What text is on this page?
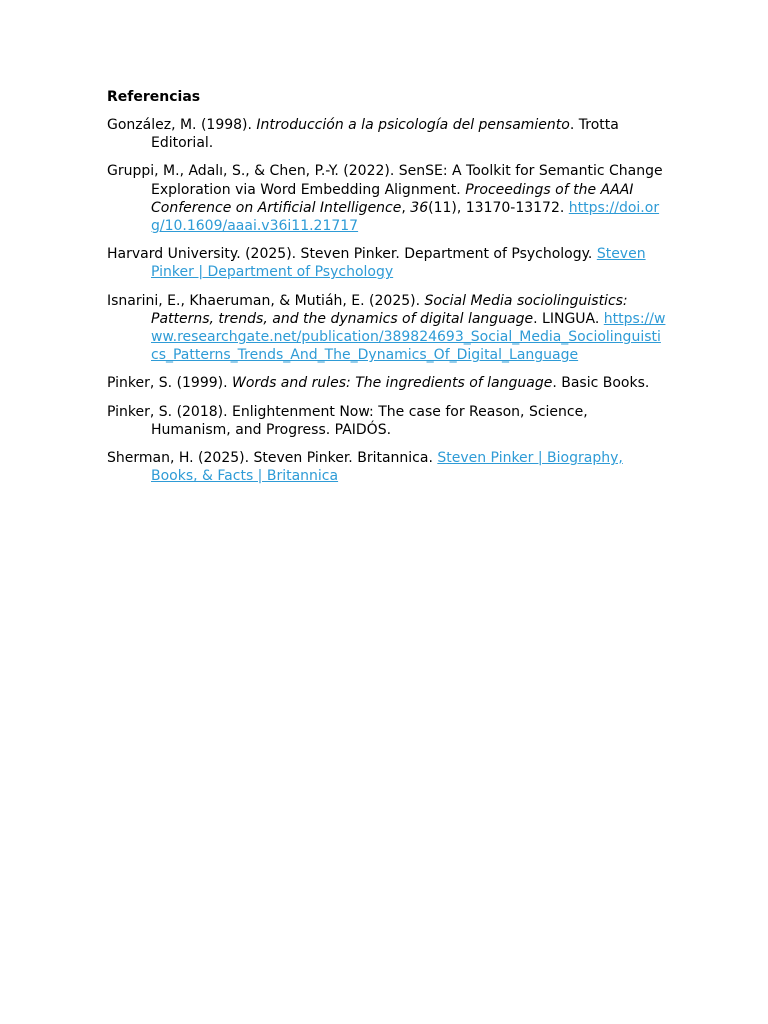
Referencias

González, M. (1998). Introducción a la psicología del pensamiento. Trotta Editorial.

Gruppi, M., Adalı, S., & Chen, P.-Y. (2022). SenSE: A Toolkit for Semantic Change Exploration via Word Embedding Alignment. Proceedings of the AAAI Conference on Artificial Intelligence, 36(11), 13170-13172. https://doi.org/10.1609/aaai.v36i11.21717

Harvard University. (2025). Steven Pinker. Department of Psychology. Steven Pinker | Department of Psychology

Isnarini, E., Khaeruman, & Mutiáh, E. (2025). Social Media sociolinguistics: Patterns, trends, and the dynamics of digital language. LINGUA. https://www.researchgate.net/publication/389824693_Social_Media_Sociolinguistics_Patterns_Trends_And_The_Dynamics_Of_Digital_Language

Pinker, S. (1999). Words and rules: The ingredients of language. Basic Books.

Pinker, S. (2018). Enlightenment Now: The case for Reason, Science, Humanism, and Progress. PAIDÓS.

Sherman, H. (2025). Steven Pinker. Britannica. Steven Pinker | Biography, Books, & Facts | Britannica
